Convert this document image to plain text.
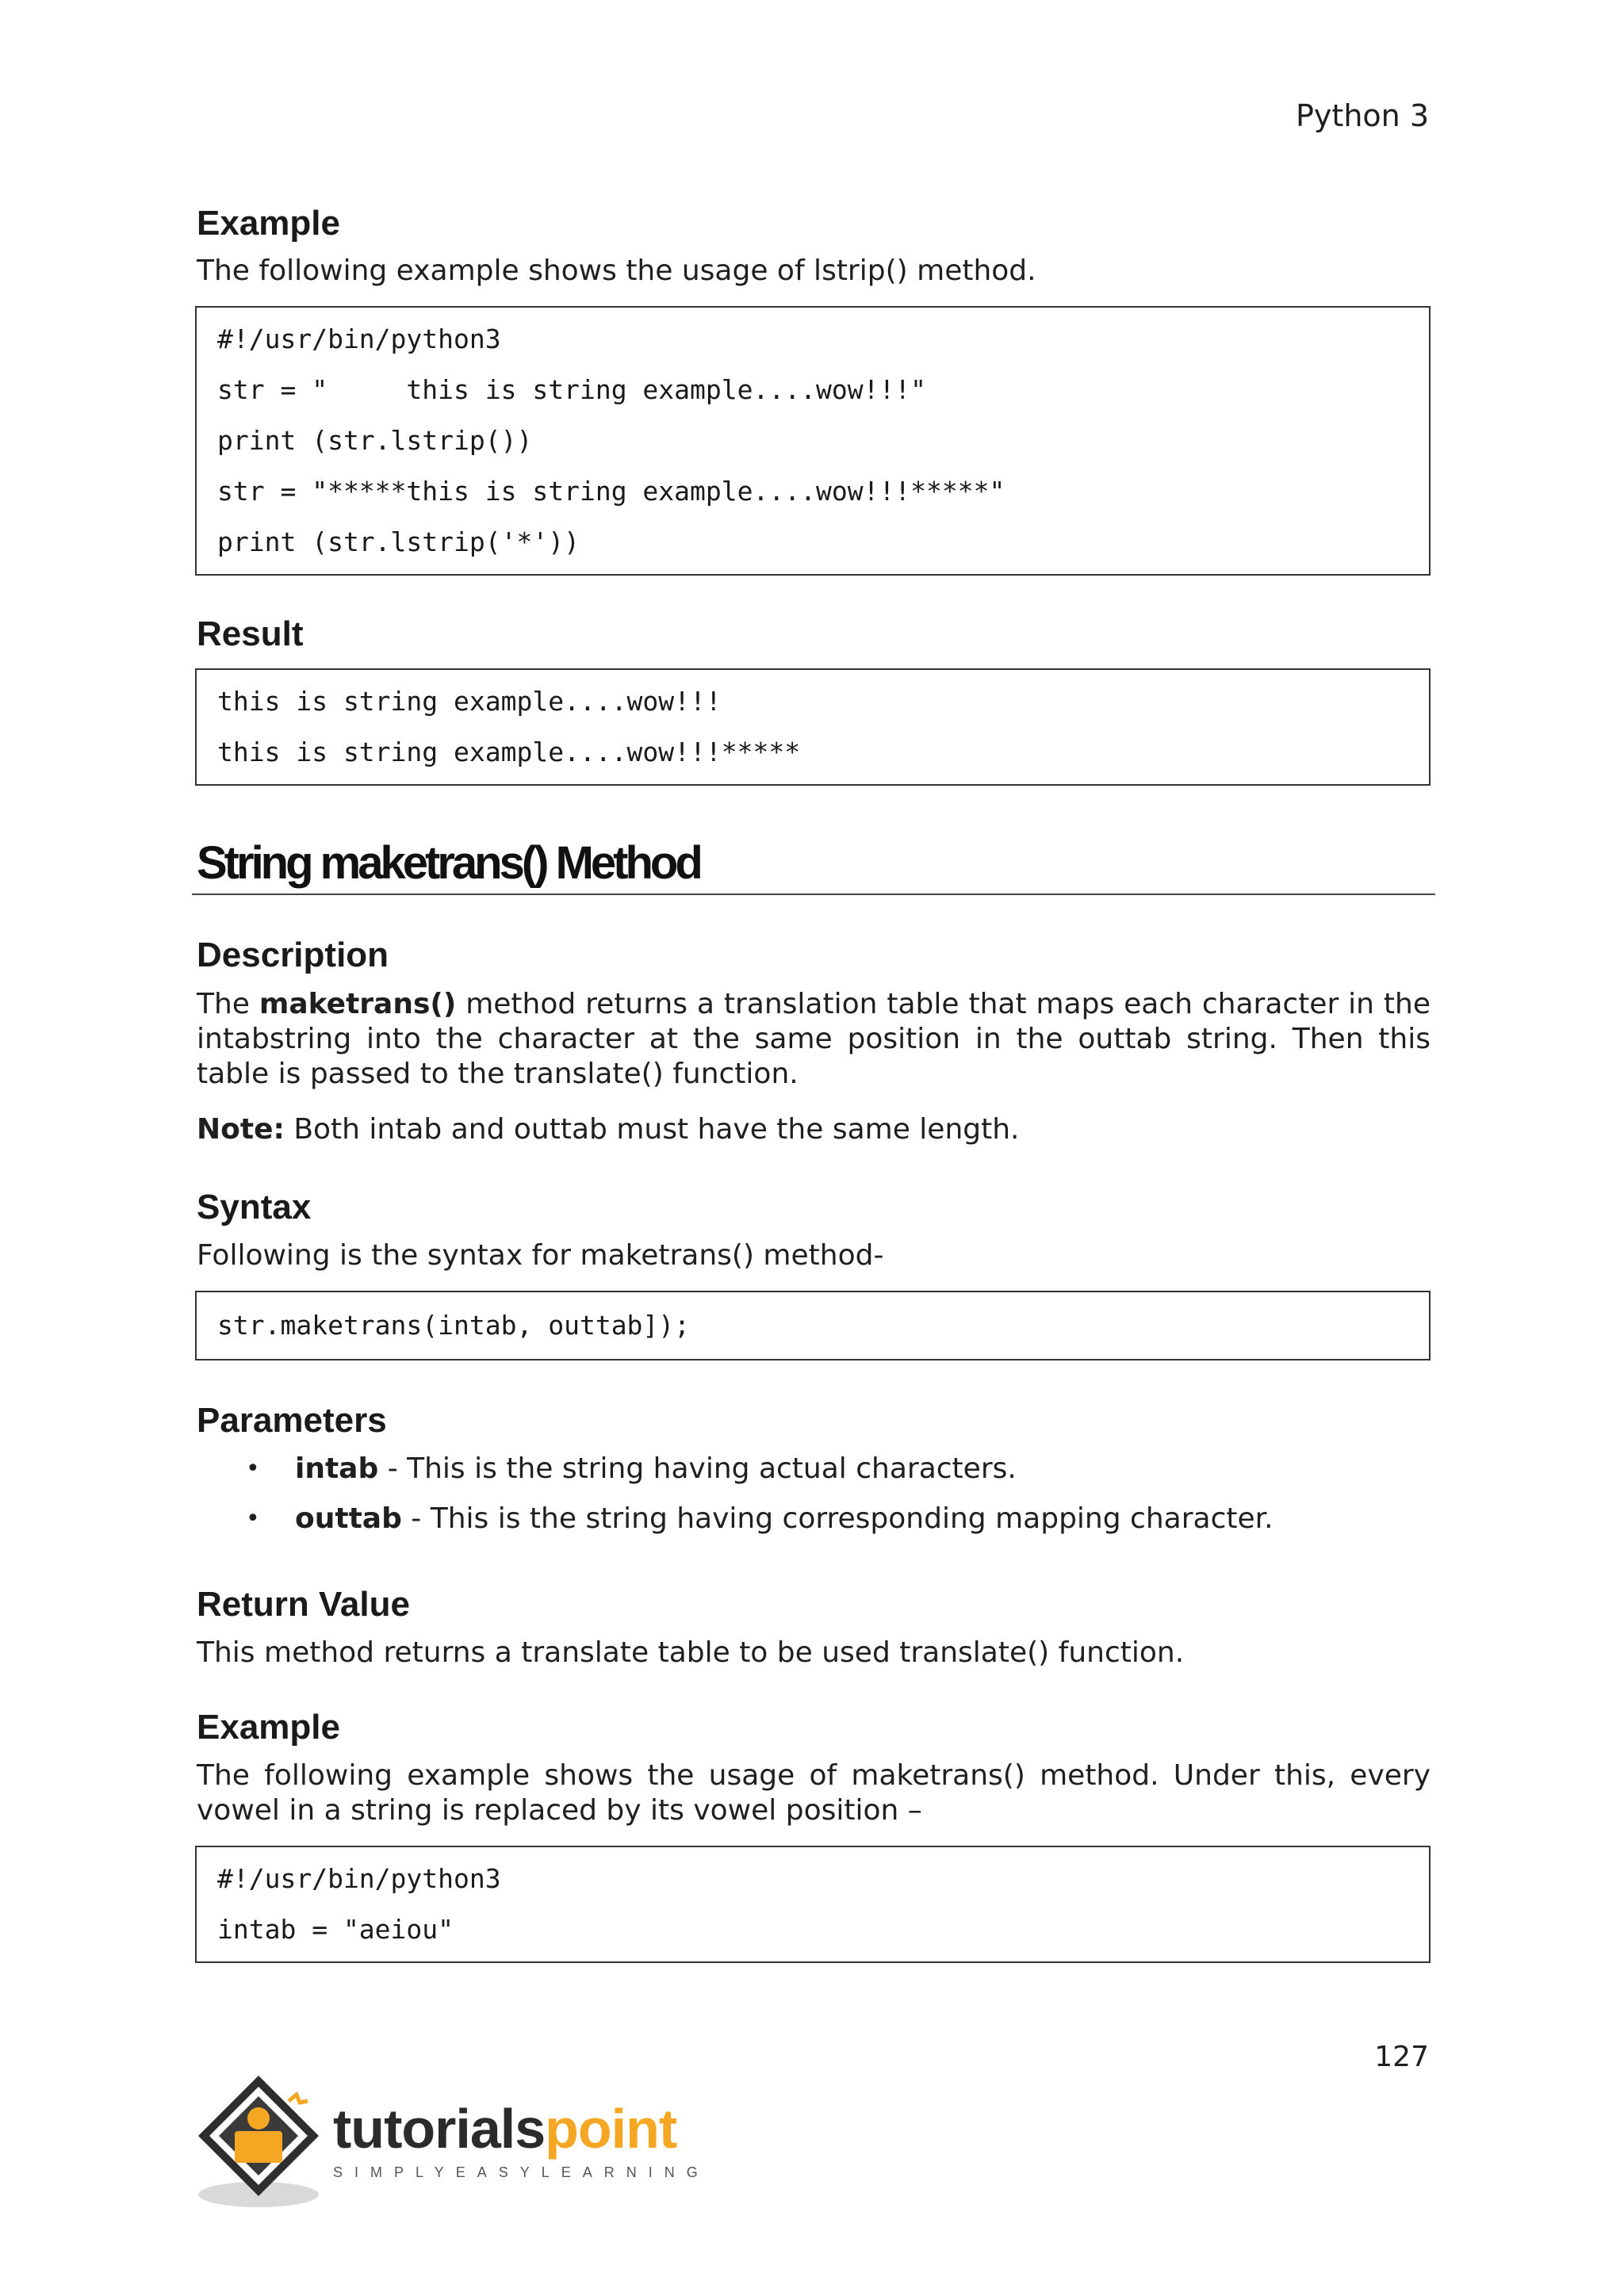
Python 3
Example

The following example shows the usage of lstrip() method.

#!/usr/bin/python3
str = "     this is string example....wow!!!"
print (str.lstrip())
str = "*****this is string example....wow!!!*****"
print (str.lstrip('*'))
Result
this is string example....wow!!!
this is string example....wow!!!*****
String maketrans() Method
Description

The maketrans() method returns a translation table that maps each character in the intabstring into the character at the same position in the outtab string. Then this table is passed to the translate() function.

Note: Both intab and outtab must have the same length.

Syntax

Following is the syntax for maketrans() method-

str.maketrans(intab, outtab]);
Parameters
• intab - This is the string having actual characters.
• outtab - This is the string having corresponding mapping character.
Return Value

This method returns a translate table to be used translate() function.

Example

The following example shows the usage of maketrans() method. Under this, every vowel in a string is replaced by its vowel position –

#!/usr/bin/python3
intab = "aeiou"
127
tutorialspoint
SIMPLYEASYLEARNING
